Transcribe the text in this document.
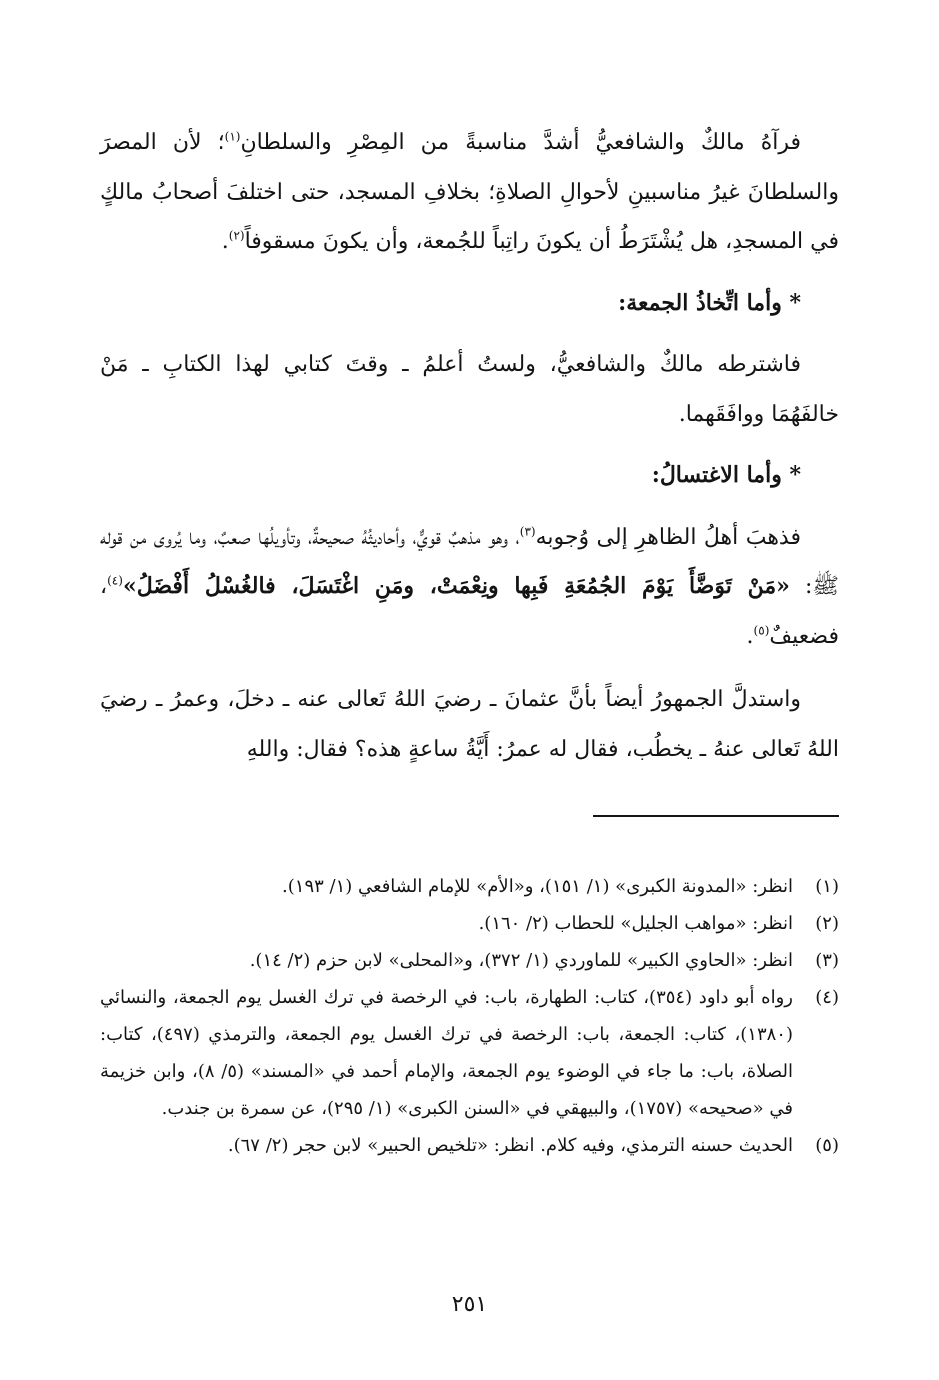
فرآهُ مالكٌ والشافعيُّ أشدَّ مناسبةً من المِصْرِ والسلطانِ$^{(١)}$؛ لأن المصرَ والسلطانَ غيرُ مناسبينِ لأحوالِ الصلاةِ؛ بخلافِ المسجد، حتى اختلفَ أصحابُ مالكٍ في المسجدِ، هل يُشْتَرَطُ أن يكونَ راتِباً للجُمعة، وأن يكونَ مسقوفاً$^{(٢)}$.

* وأما اتِّخاذُ الجمعة:

فاشترطه مالكٌ والشافعيُّ، ولستُ أعلمُ ـ وقتَ كتابي لهذا الكتابِ ـ مَنْ خالفَهُمَا ووافَقَهما.

* وأما الاغتسالُ:

فذهبَ أهلُ الظاهرِ إلى وُجوبه$^{(٣)}$، وهو مذهبٌ قويٌّ، وأحاديثُهُ صحيحةٌ، وتأويلُها صعبٌ، وما يُروى من قوله ﷺ: «مَنْ تَوَضَّأَ يَوْمَ الجُمُعَةِ فَبِها ونِعْمَتْ، ومَنِ اغْتَسَلَ، فالغُسْلُ أَفْضَلُ»$^{(٤)}$، فضعيفٌ$^{(٥)}$.

واستدلَّ الجمهورُ أيضاً بأنَّ عثمانَ ـ رضيَ اللهُ تَعالى عنه ـ دخلَ، وعمرُ ـ رضيَ اللهُ تَعالى عنهُ ـ يخطُب، فقال له عمرُ: أَيَّةُ ساعةٍ هذه؟ فقال: واللهِ

(١)
انظر: «المدونة الكبرى» (١/ ١٥١)، و«الأم» للإمام الشافعي (١/ ١٩٣).
(٢)
انظر: «مواهب الجليل» للحطاب (٢/ ١٦٠).
(٣)
انظر: «الحاوي الكبير» للماوردي (١/ ٣٧٢)، و«المحلى» لابن حزم (٢/ ١٤).
(٤)
رواه أبو داود (٣٥٤)، كتاب: الطهارة، باب: في الرخصة في ترك الغسل يوم الجمعة، والنسائي (١٣٨٠)، كتاب: الجمعة، باب: الرخصة في ترك الغسل يوم الجمعة، والترمذي (٤٩٧)، كتاب: الصلاة، باب: ما جاء في الوضوء يوم الجمعة، والإمام أحمد في «المسند» (٥/ ٨)، وابن خزيمة في «صحيحه» (١٧٥٧)، والبيهقي في «السنن الكبرى» (١/ ٢٩٥)، عن سمرة بن جندب.
(٥)
الحديث حسنه الترمذي، وفيه كلام. انظر: «تلخيص الحبير» لابن حجر (٢/ ٦٧).
٢٥١
